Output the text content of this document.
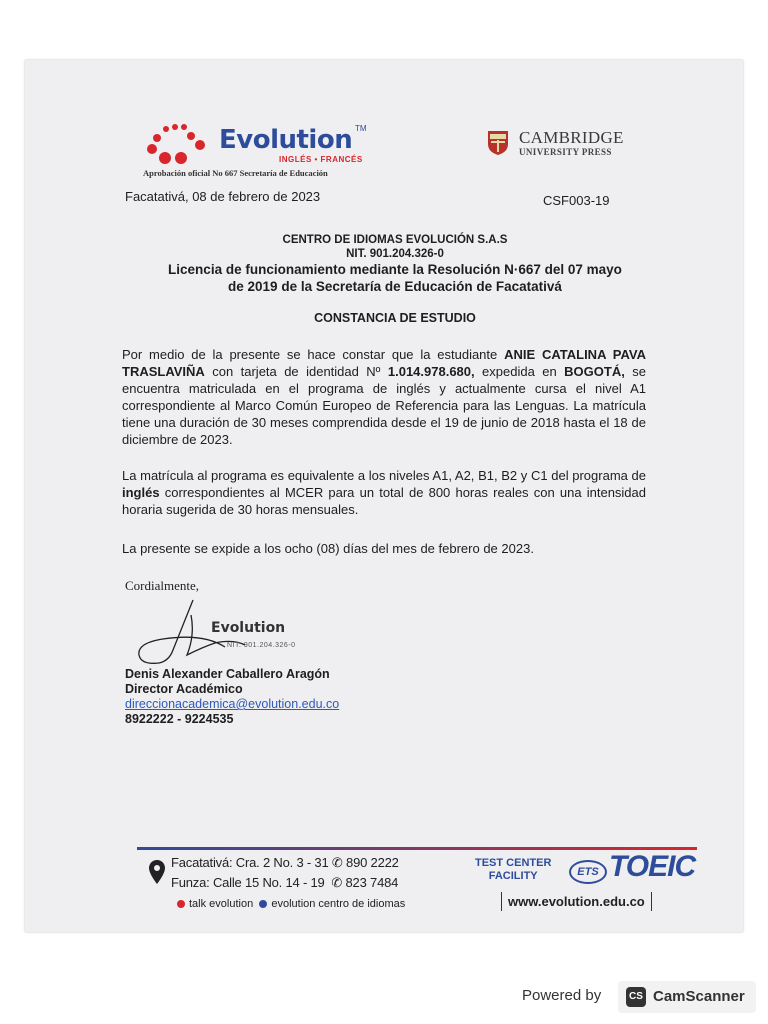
Evolution TM
INGLÉS • FRANCÉS
Aprobación oficial No 667 Secretaría de Educación
CAMBRIDGE
UNIVERSITY PRESS
Facatativá, 08 de febrero de 2023	CSF003-19
CENTRO DE IDIOMAS EVOLUCIÓN S.A.S
NIT. 901.204.326-0
Licencia de funcionamiento mediante la Resolución N·667 del 07 mayo
de 2019 de la Secretaría de Educación de Facatativá
CONSTANCIA DE ESTUDIO
Por medio de la presente se hace constar que la estudiante ANIE CATALINA PAVA TRASLAVIÑA con tarjeta de identidad Nº 1.014.978.680, expedida en BOGOTÁ, se encuentra matriculada en el programa de inglés y actualmente cursa el nivel A1 correspondiente al Marco Común Europeo de Referencia para las Lenguas. La matrícula tiene una duración de 30 meses comprendida desde el 19 de junio de 2018 hasta el 18 de diciembre de 2023.
La matrícula al programa es equivalente a los niveles A1, A2, B1, B2 y C1 del programa de inglés correspondientes al MCER para un total de 800 horas reales con una intensidad horaria sugerida de 30 horas mensuales.
La presente se expide a los ocho (08) días del mes de febrero de 2023.
Cordialmente,
Evolution
NIT. 901.204.326-0
Denis Alexander Caballero Aragón
Director Académico
direccionacademica@evolution.edu.co
8922222 - 9224535
Facatativá: Cra. 2 No. 3 - 31 ✆ 890 2222
Funza: Calle 15 No. 14 - 19 ✆ 823 7484
talk evolution evolution centro de idiomas
TEST CENTER
FACILITY	ETS TOEIC
www.evolution.edu.co
Powered by	CS CamScanner
